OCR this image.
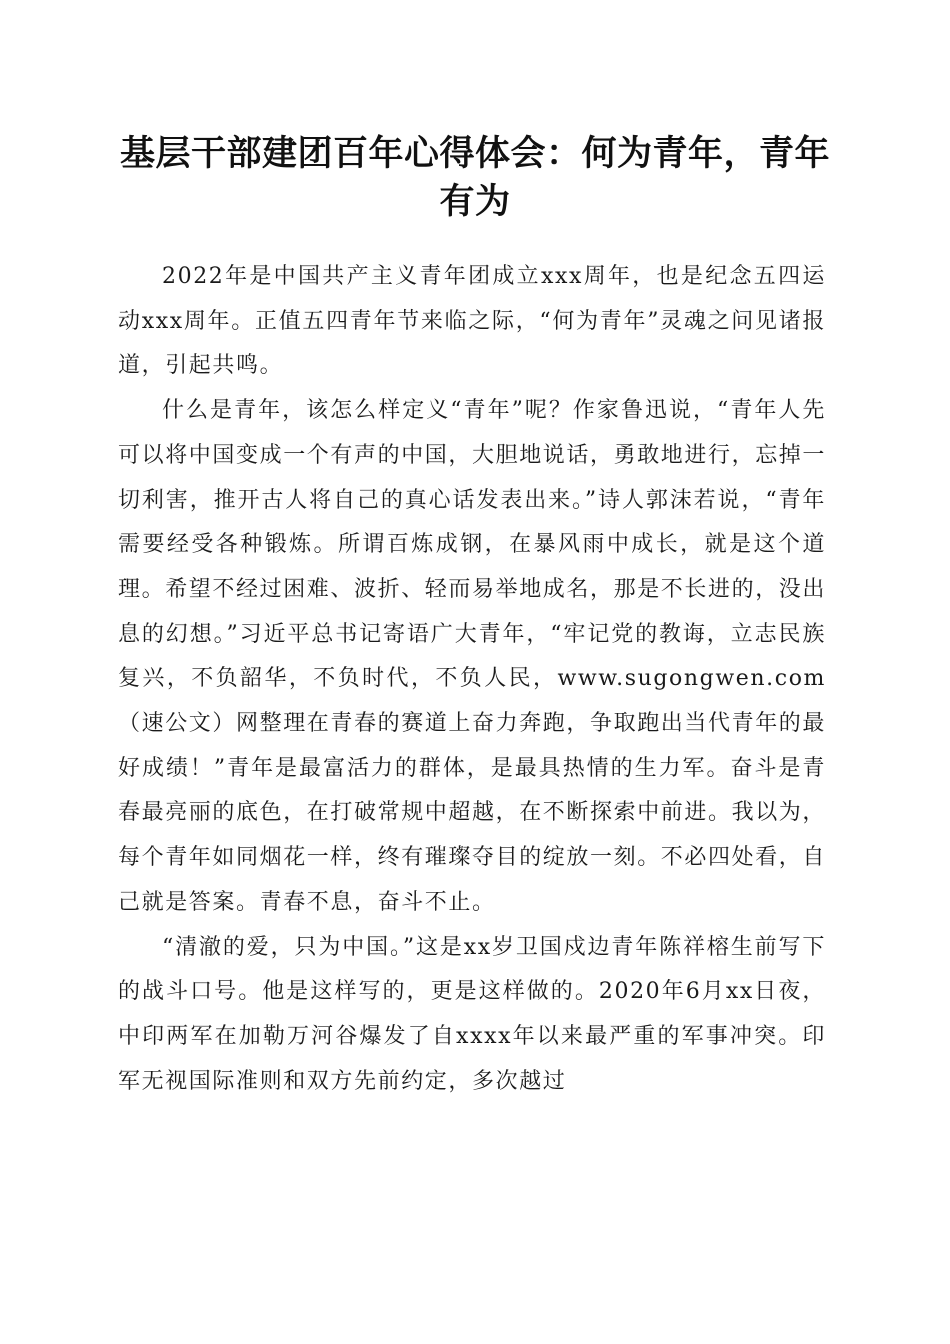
基层干部建团百年心得体会：何为青年，青年有为

2022年是中国共产主义青年团成立xxx周年，也是纪念五四运动xxx周年。正值五四青年节来临之际，“何为青年”灵魂之问见诸报道，引起共鸣。

什么是青年，该怎么样定义“青年”呢？作家鲁迅说，“青年人先可以将中国变成一个有声的中国，大胆地说话，勇敢地进行，忘掉一切利害，推开古人将自己的真心话发表出来。”诗人郭沫若说，“青年需要经受各种锻炼。所谓百炼成钢，在暴风雨中成长，就是这个道理。希望不经过困难、波折、轻而易举地成名，那是不长进的，没出息的幻想。”习近平总书记寄语广大青年，“牢记党的教诲，立志民族复兴，不负韶华，不负时代，不负人民，www.sugongwen.com（速公文）网整理在青春的赛道上奋力奔跑，争取跑出当代青年的最好成绩！”青年是最富活力的群体，是最具热情的生力军。奋斗是青春最亮丽的底色，在打破常规中超越，在不断探索中前进。我以为，每个青年如同烟花一样，终有璀璨夺目的绽放一刻。不必四处看，自己就是答案。青春不息，奋斗不止。

“清澈的爱，只为中国。”这是xx岁卫国戍边青年陈祥榕生前写下的战斗口号。他是这样写的，更是这样做的。2020年6月xx日夜，中印两军在加勒万河谷爆发了自xxxx年以来最严重的军事冲突。印军无视国际准则和双方先前约定，多次越过
